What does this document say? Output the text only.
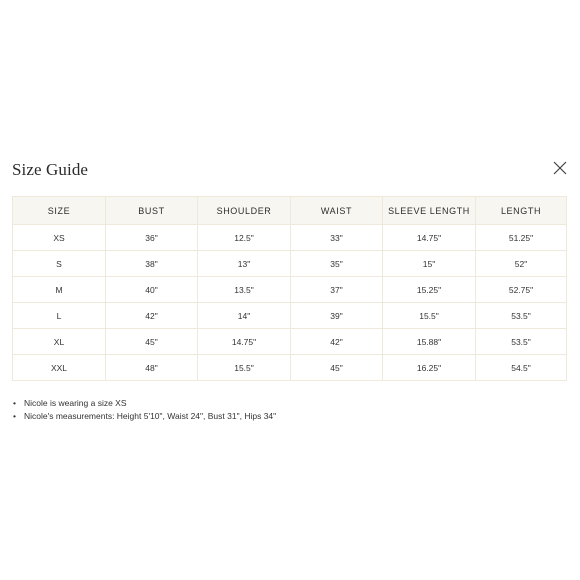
Size Guide
SIZE	BUST	SHOULDER	WAIST	SLEEVE LENGTH	LENGTH
XS	36"	12.5"	33"	14.75"	51.25"
S	38"	13"	35"	15"	52"
M	40"	13.5"	37"	15.25"	52.75"
L	42"	14"	39"	15.5"	53.5"
XL	45"	14.75"	42"	15.88"	53.5"
XXL	48"	15.5"	45"	16.25"	54.5"
• Nicole is wearing a size XS
• Nicole's measurements: Height 5'10", Waist 24", Bust 31", Hips 34"
